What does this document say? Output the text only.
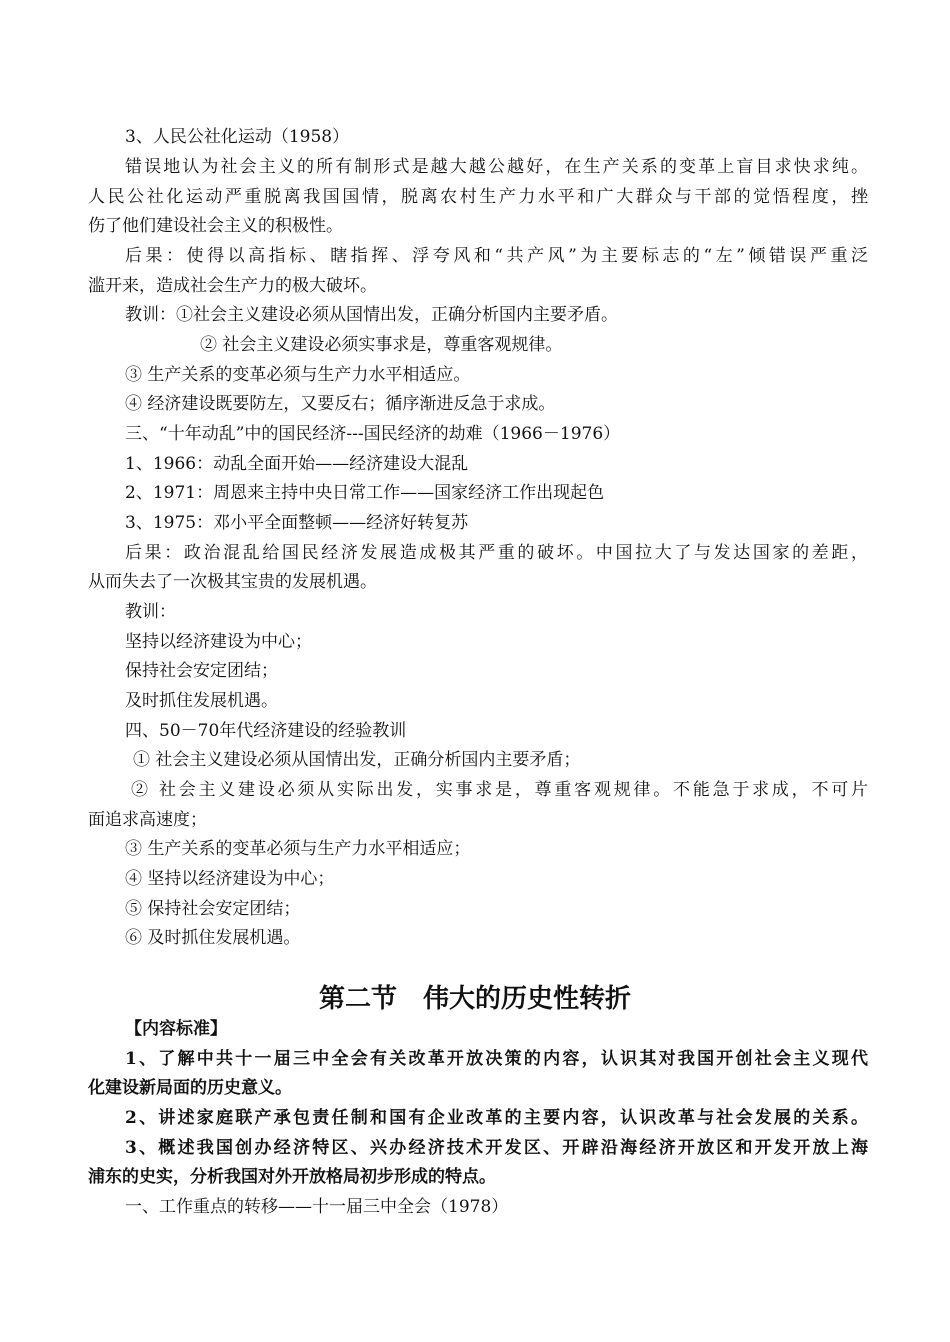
3、人民公社化运动（1958）
错误地认为社会主义的所有制形式是越大越公越好，在生产关系的变革上盲目求快求纯。
人民公社化运动严重脱离我国国情，脱离农村生产力水平和广大群众与干部的觉悟程度，挫
伤了他们建设社会主义的积极性。
后果：使得以高指标、瞎指挥、浮夸风和“共产风”为主要标志的“左”倾错误严重泛
滥开来，造成社会生产力的极大破坏。
教训：①社会主义建设必须从国情出发，正确分析国内主要矛盾。
② 社会主义建设必须实事求是，尊重客观规律。
③ 生产关系的变革必须与生产力水平相适应。
④ 经济建设既要防左，又要反右；循序渐进反急于求成。
三、“十年动乱”中的国民经济---国民经济的劫难（1966－1976）
1、1966：动乱全面开始——经济建设大混乱
2、1971：周恩来主持中央日常工作——国家经济工作出现起色
3、1975：邓小平全面整顿——经济好转复苏
后果：政治混乱给国民经济发展造成极其严重的破坏。中国拉大了与发达国家的差距，
从而失去了一次极其宝贵的发展机遇。
教训：
坚持以经济建设为中心；
保持社会安定团结；
及时抓住发展机遇。
四、50－70年代经济建设的经验教训
① 社会主义建设必须从国情出发，正确分析国内主要矛盾；
② 社会主义建设必须从实际出发，实事求是，尊重客观规律。不能急于求成，不可片
面追求高速度；
③ 生产关系的变革必须与生产力水平相适应；
④ 坚持以经济建设为中心；
⑤ 保持社会安定团结；
⑥ 及时抓住发展机遇。
第二节　伟大的历史性转折
【内容标准】
1、了解中共十一届三中全会有关改革开放决策的内容，认识其对我国开创社会主义现代
化建设新局面的历史意义。
2、讲述家庭联产承包责任制和国有企业改革的主要内容，认识改革与社会发展的关系。
3、概述我国创办经济特区、兴办经济技术开发区、开辟沿海经济开放区和开发开放上海
浦东的史实，分析我国对外开放格局初步形成的特点。
一、工作重点的转移——十一届三中全会（1978）
